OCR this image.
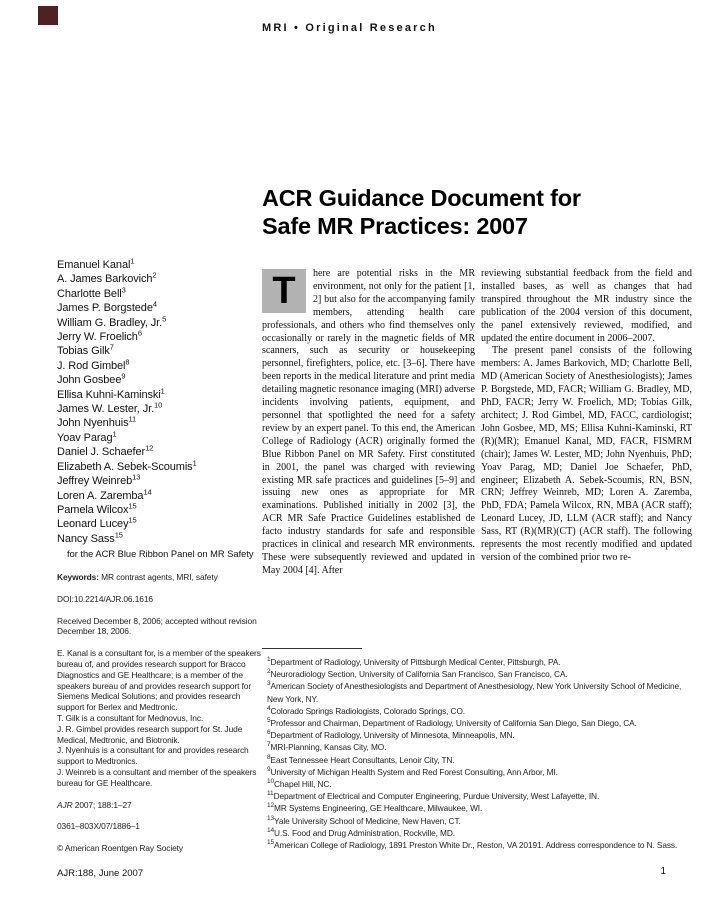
MRI • Original Research
ACR Guidance Document for
Safe MR Practices: 2007
Emanuel Kanal$^1$
A. James Barkovich$^2$
Charlotte Bell$^3$
James P. Borgstede$^4$
William G. Bradley, Jr.$^5$
Jerry W. Froelich$^6$
Tobias Gilk$^7$
J. Rod Gimbel$^8$
John Gosbee$^9$
Ellisa Kuhni-Kaminski$^1$
James W. Lester, Jr.$^{10}$
John Nyenhuis$^{11}$
Yoav Parag$^1$
Daniel J. Schaefer$^{12}$
Elizabeth A. Sebek-Scoumis$^1$
Jeffrey Weinreb$^{13}$
Loren A. Zaremba$^{14}$
Pamela Wilcox$^{15}$
Leonard Lucey$^{15}$
Nancy Sass$^{15}$
for the ACR Blue Ribbon Panel on MR Safety
Keywords: MR contrast agents, MRI, safety
DOI:10.2214/AJR.06.1616
Received December 8, 2006; accepted without revision December 18, 2006.

E. Kanal is a consultant for, is a member of the speakers bureau of, and provides research support for Bracco Diagnostics and GE Healthcare; is a member of the speakers bureau of and provides research support for Siemens Medical Solutions; and provides research support for Berlex and Medtronic.

T. Gilk is a consultant for Mednovus, Inc.

J. R. Gimbel provides research support for St. Jude Medical, Medtronic, and Biotronik.

J. Nyenhuis is a consultant for and provides research support to Medtronics.

J. Weinreb is a consultant and member of the speakers bureau for GE Healthcare.

AJR 2007; 188:1–27
0361–803X/07/1886–1
© American Roentgen Ray Society

T	here are potential risks in the MR environment, not only for the patient [1, 2] but also for the accompanying family members, attending health care professionals, and others who find themselves only occasionally or rarely in the magnetic fields of MR scanners, such as security or housekeeping personnel, firefighters, police, etc. [3–6]. There have been reports in the medical literature and print media detailing magnetic resonance imaging (MRI) adverse incidents involving patients, equipment, and personnel that spotlighted the need for a safety review by an expert panel. To this end, the American College of Radiology (ACR) originally formed the Blue Ribbon Panel on MR Safety. First constituted in 2001, the panel was charged with reviewing existing MR safe practices and guidelines [5–9] and issuing new ones as appropriate for MR examinations. Published initially in 2002 [3], the ACR MR Safe Practice Guidelines established de facto industry standards for safe and responsible practices in clinical and research MR environments. These were subsequently reviewed and updated in May 2004 [4]. After

reviewing substantial feedback from the field and installed bases, as well as changes that had transpired throughout the MR industry since the publication of the 2004 version of this document, the panel extensively reviewed, modified, and updated the entire document in 2006–2007.

The present panel consists of the following members: A. James Barkovich, MD; Charlotte Bell, MD (American Society of Anesthesiologists); James P. Borgstede, MD, FACR; William G. Bradley, MD, PhD, FACR; Jerry W. Froelich, MD; Tobias Gilk, architect; J. Rod Gimbel, MD, FACC, cardiologist; John Gosbee, MD, MS; Ellisa Kuhni-Kaminski, RT (R)(MR); Emanuel Kanal, MD, FACR, FISMRM (chair); James W. Lester, MD; John Nyenhuis, PhD; Yoav Parag, MD; Daniel Joe Schaefer, PhD, engineer; Elizabeth A. Sebek-Scoumis, RN, BSN, CRN; Jeffrey Weinreb, MD; Loren A. Zaremba, PhD, FDA; Pamela Wilcox, RN, MBA (ACR staff); Leonard Lucey, JD, LLM (ACR staff); and Nancy Sass, RT (R)(MR)(CT) (ACR staff). The following represents the most recently modified and updated version of the combined prior two re-

$^1$Department of Radiology, University of Pittsburgh Medical Center, Pittsburgh, PA.
$^2$Neuroradiology Section, University of California San Francisco, San Francisco, CA.
$^3$American Society of Anesthesiologists and Department of Anesthesiology, New York University School of Medicine, New York, NY.
$^4$Colorado Springs Radiologists, Colorado Springs, CO.
$^5$Professor and Chairman, Department of Radiology, University of California San Diego, San Diego, CA.
$^6$Department of Radiology, University of Minnesota, Minneapolis, MN.
$^7$MRI-Planning, Kansas City, MO.
$^8$East Tennessee Heart Consultants, Lenoir City, TN.
$^9$University of Michigan Health System and Red Forest Consulting, Ann Arbor, MI.
$^{10}$Chapel Hill, NC.
$^{11}$Department of Electrical and Computer Engineering, Purdue University, West Lafayette, IN.
$^{12}$MR Systems Engineering, GE Healthcare, Milwaukee, WI.
$^{13}$Yale University School of Medicine, New Haven, CT.
$^{14}$U.S. Food and Drug Administration, Rockville, MD.
$^{15}$American College of Radiology, 1891 Preston White Dr., Reston, VA 20191. Address correspondence to N. Sass.
AJR:188, June 2007	1
